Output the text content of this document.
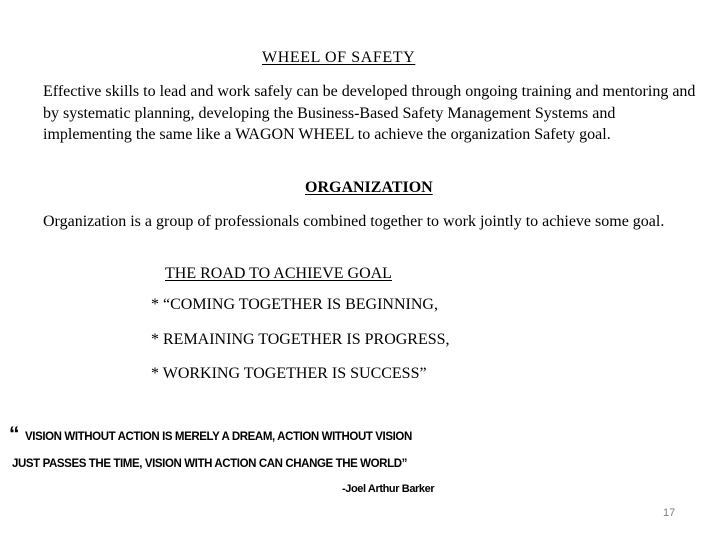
WHEEL OF SAFETY
Effective skills to lead and work safely can be developed through ongoing training and mentoring and by systematic planning, developing the Business-Based Safety Management Systems and implementing the same like a WAGON WHEEL to achieve the organization Safety goal.
ORGANIZATION
Organization is a group of professionals combined together to work jointly to achieve some goal.
THE ROAD TO ACHIEVE GOAL
* “COMING TOGETHER IS BEGINNING,
* REMAINING TOGETHER IS PROGRESS,
* WORKING TOGETHER IS SUCCESS”
“ VISION WITHOUT ACTION IS MERELY A DREAM, ACTION WITHOUT VISION
JUST PASSES THE TIME, VISION WITH ACTION CAN CHANGE THE WORLD”
-Joel Arthur Barker
17
